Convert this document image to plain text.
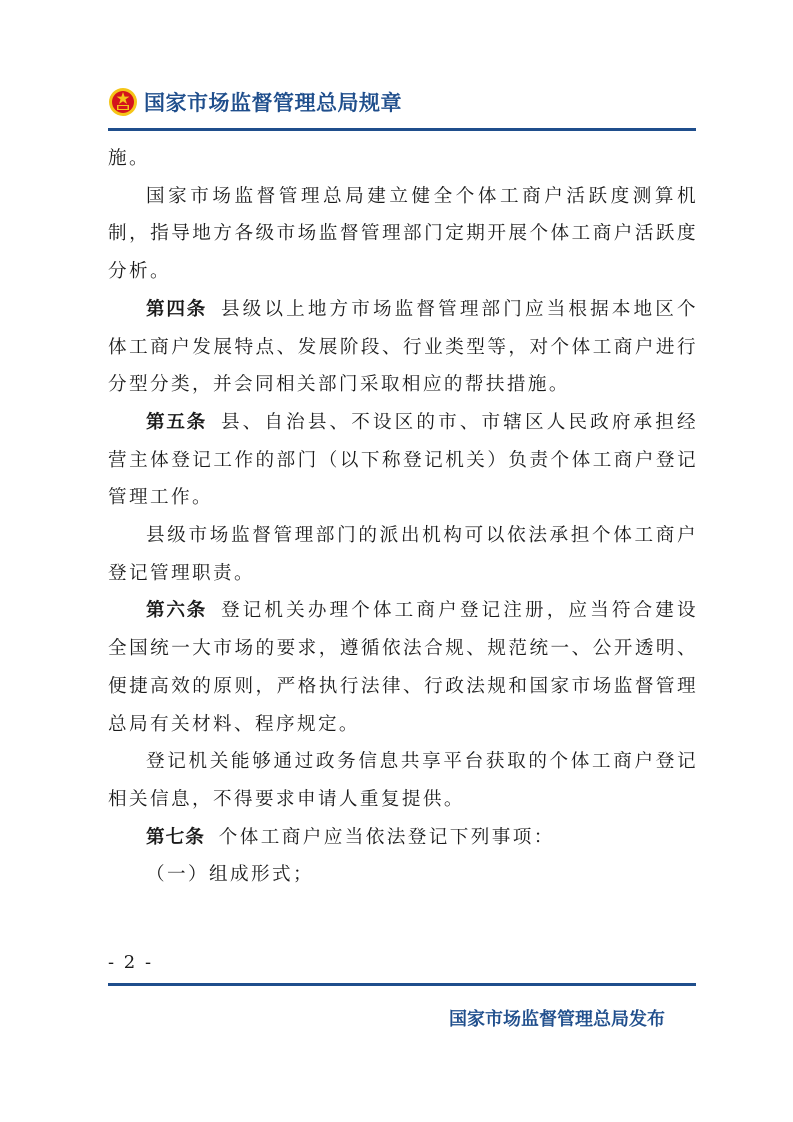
国家市场监督管理总局规章

施。

国家市场监督管理总局建立健全个体工商户活跃度测算机制，指导地方各级市场监督管理部门定期开展个体工商户活跃度分析。

第四条 县级以上地方市场监督管理部门应当根据本地区个体工商户发展特点、发展阶段、行业类型等，对个体工商户进行分型分类，并会同相关部门采取相应的帮扶措施。

第五条 县、自治县、不设区的市、市辖区人民政府承担经营主体登记工作的部门（以下称登记机关）负责个体工商户登记管理工作。

县级市场监督管理部门的派出机构可以依法承担个体工商户登记管理职责。

第六条 登记机关办理个体工商户登记注册，应当符合建设全国统一大市场的要求，遵循依法合规、规范统一、公开透明、便捷高效的原则，严格执行法律、行政法规和国家市场监督管理总局有关材料、程序规定。

登记机关能够通过政务信息共享平台获取的个体工商户登记相关信息，不得要求申请人重复提供。

第七条 个体工商户应当依法登记下列事项：

（一）组成形式；

- 2 -
国家市场监督管理总局发布
